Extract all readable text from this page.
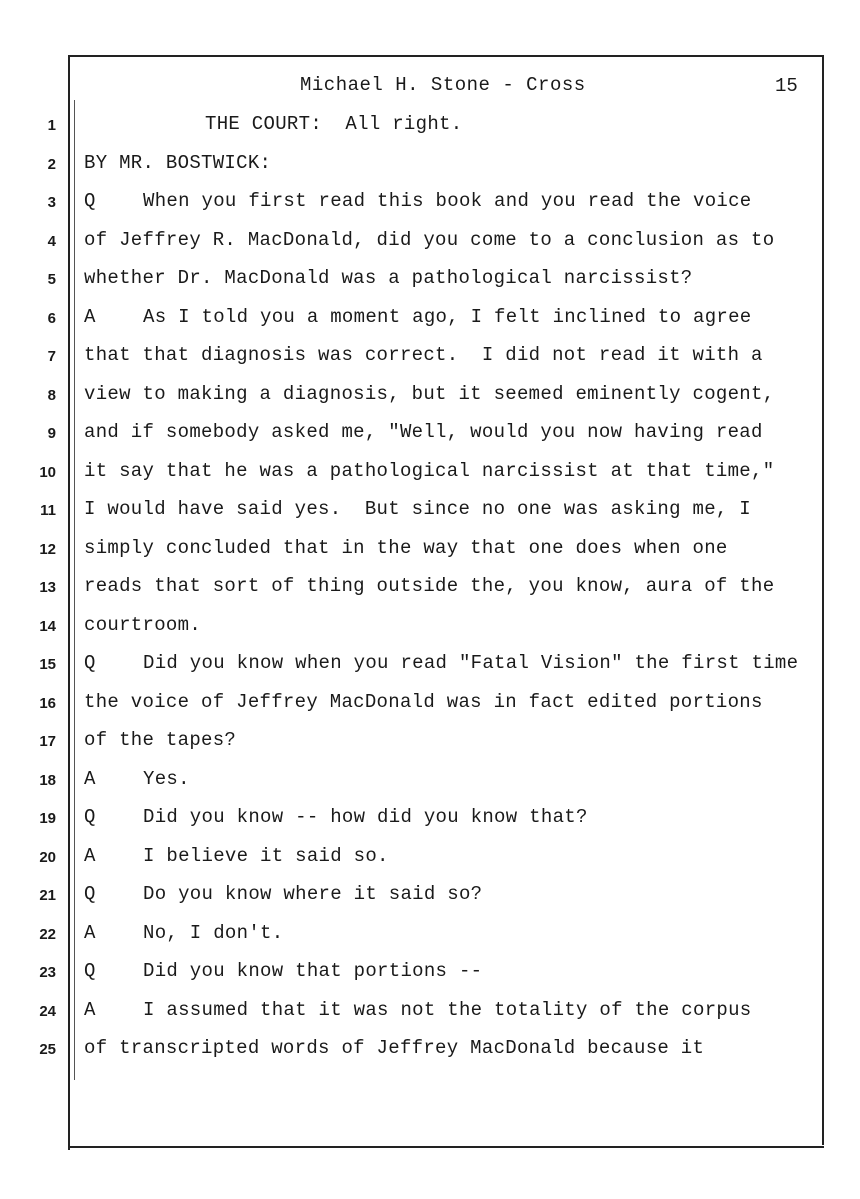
Michael H. Stone - Cross	15
1	THE COURT:  All right.
2 BY MR. BOSTWICK:
3 Q	When you first read this book and you read the voice
4 of Jeffrey R. MacDonald, did you come to a conclusion as to
5 whether Dr. MacDonald was a pathological narcissist?
6 A	As I told you a moment ago, I felt inclined to agree
7 that that diagnosis was correct.  I did not read it with a
8 view to making a diagnosis, but it seemed eminently cogent,
9 and if somebody asked me, "Well, would you now having read
10 it say that he was a pathological narcissist at that time,"
11 I would have said yes.  But since no one was asking me, I
12 simply concluded that in the way that one does when one
13 reads that sort of thing outside the, you know, aura of the
14 courtroom.
15 Q	Did you know when you read "Fatal Vision" the first time
16 the voice of Jeffrey MacDonald was in fact edited portions
17 of the tapes?
18 A	Yes.
19 Q	Did you know -- how did you know that?
20 A	I believe it said so.
21 Q	Do you know where it said so?
22 A	No, I don't.
23 Q	Did you know that portions --
24 A	I assumed that it was not the totality of the corpus
25 of transcripted words of Jeffrey MacDonald because it
